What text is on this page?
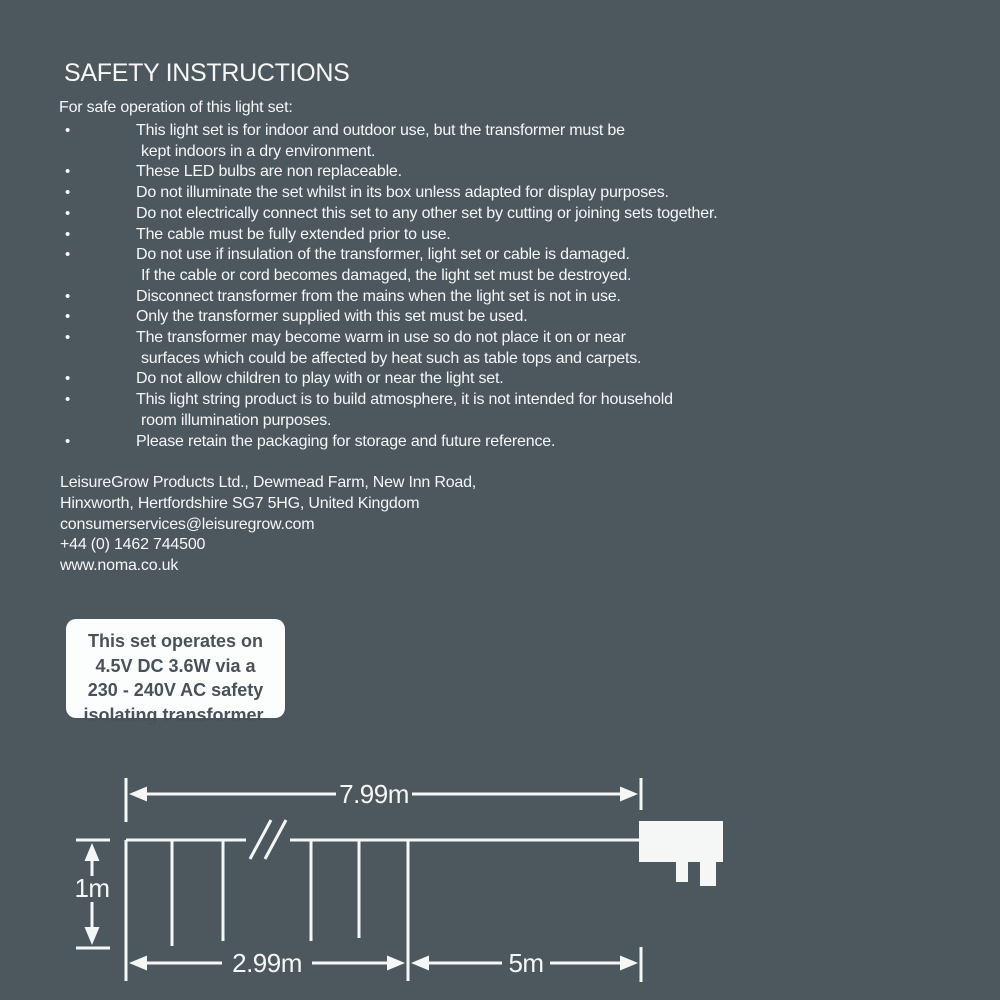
SAFETY INSTRUCTIONS
For safe operation of this light set:
•	This light set is for indoor and outdoor use, but the transformer must be
kept indoors in a dry environment.
•	These LED bulbs are non replaceable.
•	Do not illuminate the set whilst in its box unless adapted for display purposes.
•	Do not electrically connect this set to any other set by cutting or joining sets together.
•	The cable must be fully extended prior to use.
•	Do not use if insulation of the transformer, light set or cable is damaged.
If the cable or cord becomes damaged, the light set must be destroyed.
•	Disconnect transformer from the mains when the light set is not in use.
•	Only the transformer supplied with this set must be used.
•	The transformer may become warm in use so do not place it on or near
surfaces which could be affected by heat such as table tops and carpets.
•	Do not allow children to play with or near the light set.
•	This light string product is to build atmosphere, it is not intended for household
room illumination purposes.
•	Please retain the packaging for storage and future reference.
LeisureGrow Products Ltd., Dewmead Farm, New Inn Road,
Hinxworth, Hertfordshire SG7 5HG, United Kingdom
consumerservices@leisuregrow.com
+44 (0) 1462 744500
www.noma.co.uk
This set operates on
4.5V DC 3.6W via a
230 - 240V AC safety
isolating transformer.
7.99m
1m
2.99m	5m
